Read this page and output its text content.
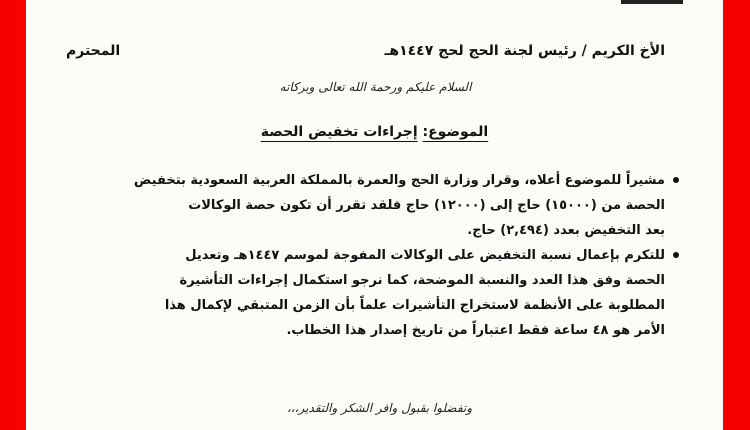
الأخ الكريم / رئيس لجنة الحج لحج ١٤٤٧هـ
المحترم
السلام عليكم ورحمة الله تعالى وبركاته
الموضوع: إجراءات تخفيض الحصة
مشيراً للموضوع أعلاه، وقرار وزارة الحج والعمرة بالمملكة العربية السعودية بتخفيض
الحصة من (١٥٠٠٠) حاج إلى (١٢٠٠٠) حاج فلقد تقرر أن تكون حصة الوكالات
بعد التخفيض بعدد (٢,٤٩٤) حاج.
للتكرم بإعمال نسبة التخفيض على الوكالات المفوجة لموسم ١٤٤٧هـ وتعديل
الحصة وفق هذا العدد والنسبة الموضحة، كما نرجو استكمال إجراءات التأشيرة
المطلوبة على الأنظمة لاستخراج التأشيرات علماً بأن الزمن المتبقي لإكمال هذا
الأمر هو ٤٨ ساعة فقط اعتباراً من تاريخ إصدار هذا الخطاب.
وتفضلوا بقبول وافر الشكر والتقدير،،،
